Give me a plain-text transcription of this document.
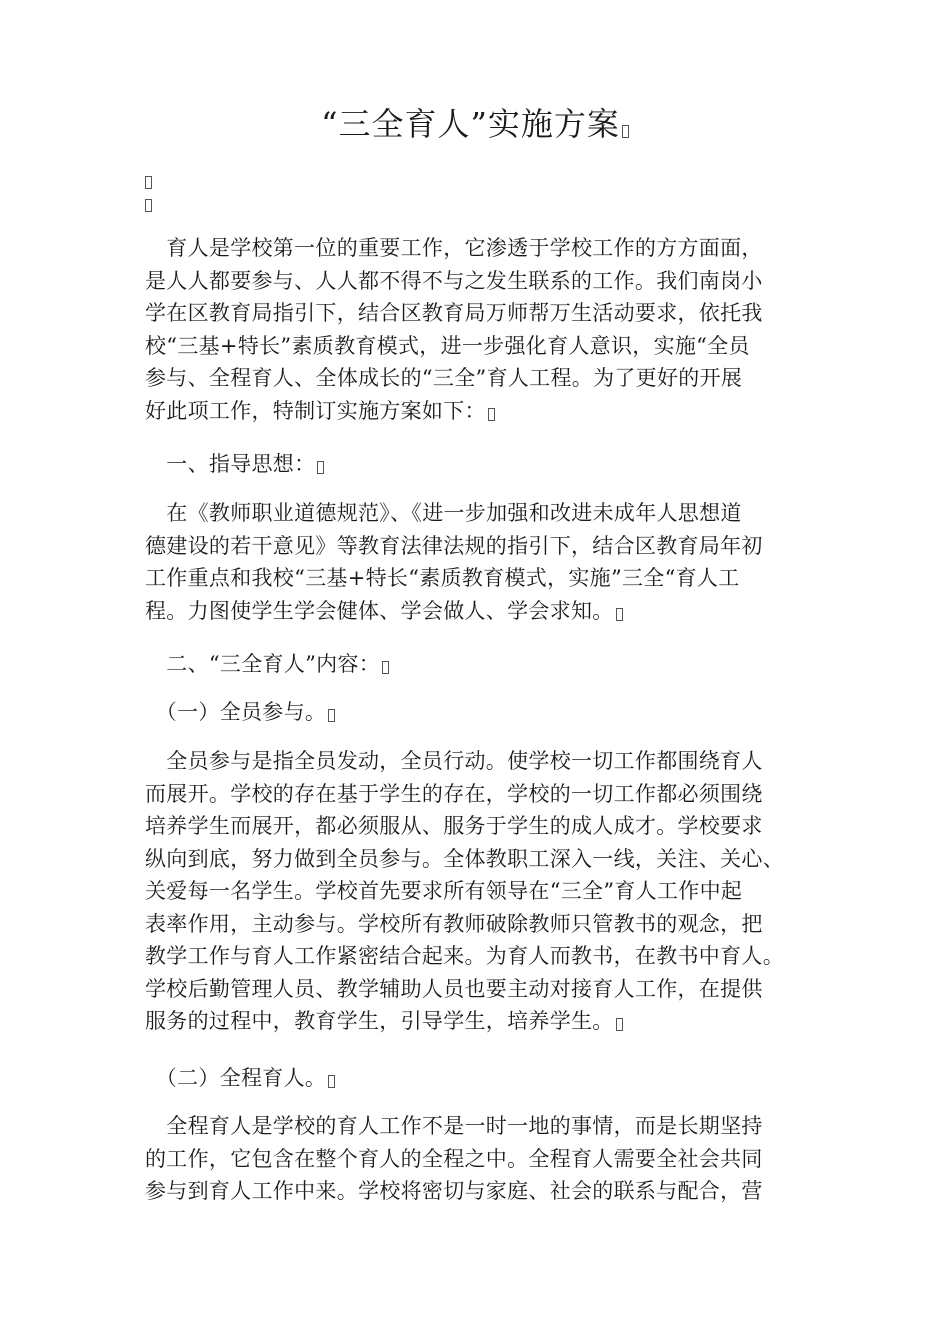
“三全育人”实施方案
　育人是学校第一位的重要工作，它渗透于学校工作的方方面面，
是人人都要参与、人人都不得不与之发生联系的工作。我们南岗小
学在区教育局指引下，结合区教育局万师帮万生活动要求，依托我
校“三基+特长”素质教育模式，进一步强化育人意识，实施“全员
参与、全程育人、全体成长的“三全”育人工程。为了更好的开展
好此项工作，特制订实施方案如下：
　一、指导思想：
　在《教师职业道德规范》、《进一步加强和改进未成年人思想道
德建设的若干意见》等教育法律法规的指引下，结合区教育局年初
工作重点和我校“三基+特长“素质教育模式，实施”三全“育人工
程。力图使学生学会健体、学会做人、学会求知。
　二、“三全育人”内容：
　（一）全员参与。
　全员参与是指全员发动，全员行动。使学校一切工作都围绕育人
而展开。学校的存在基于学生的存在，学校的一切工作都必须围绕
培养学生而展开，都必须服从、服务于学生的成人成才。学校要求
纵向到底，努力做到全员参与。全体教职工深入一线，关注、关心、
关爱每一名学生。学校首先要求所有领导在“三全”育人工作中起
表率作用，主动参与。学校所有教师破除教师只管教书的观念，把
教学工作与育人工作紧密结合起来。为育人而教书，在教书中育人。
学校后勤管理人员、教学辅助人员也要主动对接育人工作，在提供
服务的过程中，教育学生，引导学生，培养学生。
　（二）全程育人。
　全程育人是学校的育人工作不是一时一地的事情，而是长期坚持
的工作，它包含在整个育人的全程之中。全程育人需要全社会共同
参与到育人工作中来。学校将密切与家庭、社会的联系与配合，营
